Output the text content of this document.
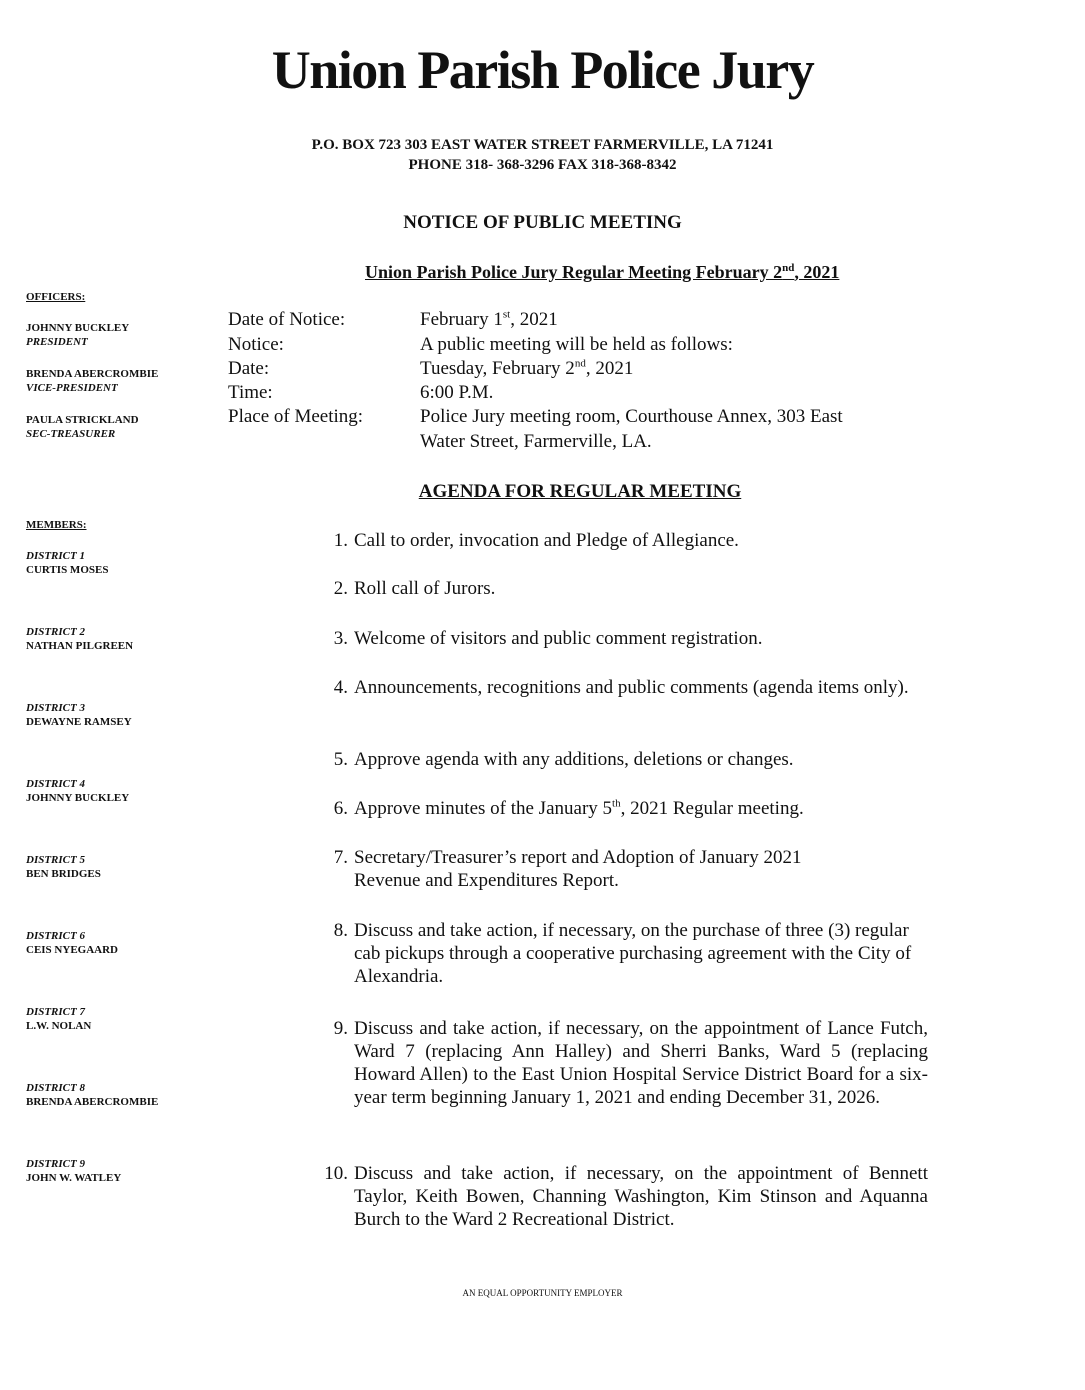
Union Parish Police Jury
P.O. BOX 723 303 EAST WATER STREET FARMERVILLE, LA 71241
PHONE 318- 368-3296 FAX 318-368-8342
NOTICE OF PUBLIC MEETING
Union Parish Police Jury Regular Meeting February 2nd, 2021
OFFICERS:
JOHNNY BUCKLEY
PRESIDENT
BRENDA ABERCROMBIE
VICE-PRESIDENT
PAULA STRICKLAND
SEC-TREASURER
Date of Notice:	February 1st, 2021
Notice:	A public meeting will be held as follows:
Date:	Tuesday, February 2nd, 2021
Time:	6:00 P.M.
Place of Meeting:	Police Jury meeting room, Courthouse Annex, 303 East
Water Street, Farmerville, LA.
AGENDA FOR REGULAR MEETING
MEMBERS:
DISTRICT 1
CURTIS MOSES
DISTRICT 2
NATHAN PILGREEN
DISTRICT 3
DEWAYNE RAMSEY
DISTRICT 4
JOHNNY BUCKLEY
DISTRICT 5
BEN BRIDGES
DISTRICT 6
CEIS NYEGAARD
DISTRICT 7
L.W. NOLAN
DISTRICT 8
BRENDA ABERCROMBIE
DISTRICT 9
JOHN W. WATLEY
1. Call to order, invocation and Pledge of Allegiance.
2. Roll call of Jurors.
3. Welcome of visitors and public comment registration.
4. Announcements, recognitions and public comments (agenda items only).
5. Approve agenda with any additions, deletions or changes.
6. Approve minutes of the January 5th, 2021 Regular meeting.
7. Secretary/Treasurer’s report and Adoption of January 2021 Revenue and Expenditures Report.
8. Discuss and take action, if necessary, on the purchase of three (3) regular cab pickups through a cooperative purchasing agreement with the City of Alexandria.
9. Discuss and take action, if necessary, on the appointment of Lance Futch, Ward 7 (replacing Ann Halley) and Sherri Banks, Ward 5 (replacing Howard Allen) to the East Union Hospital Service District Board for a six-year term beginning January 1, 2021 and ending December 31, 2026.
10. Discuss and take action, if necessary, on the appointment of Bennett Taylor, Keith Bowen, Channing Washington, Kim Stinson and Aquanna Burch to the Ward 2 Recreational District.
AN EQUAL OPPORTUNITY EMPLOYER
